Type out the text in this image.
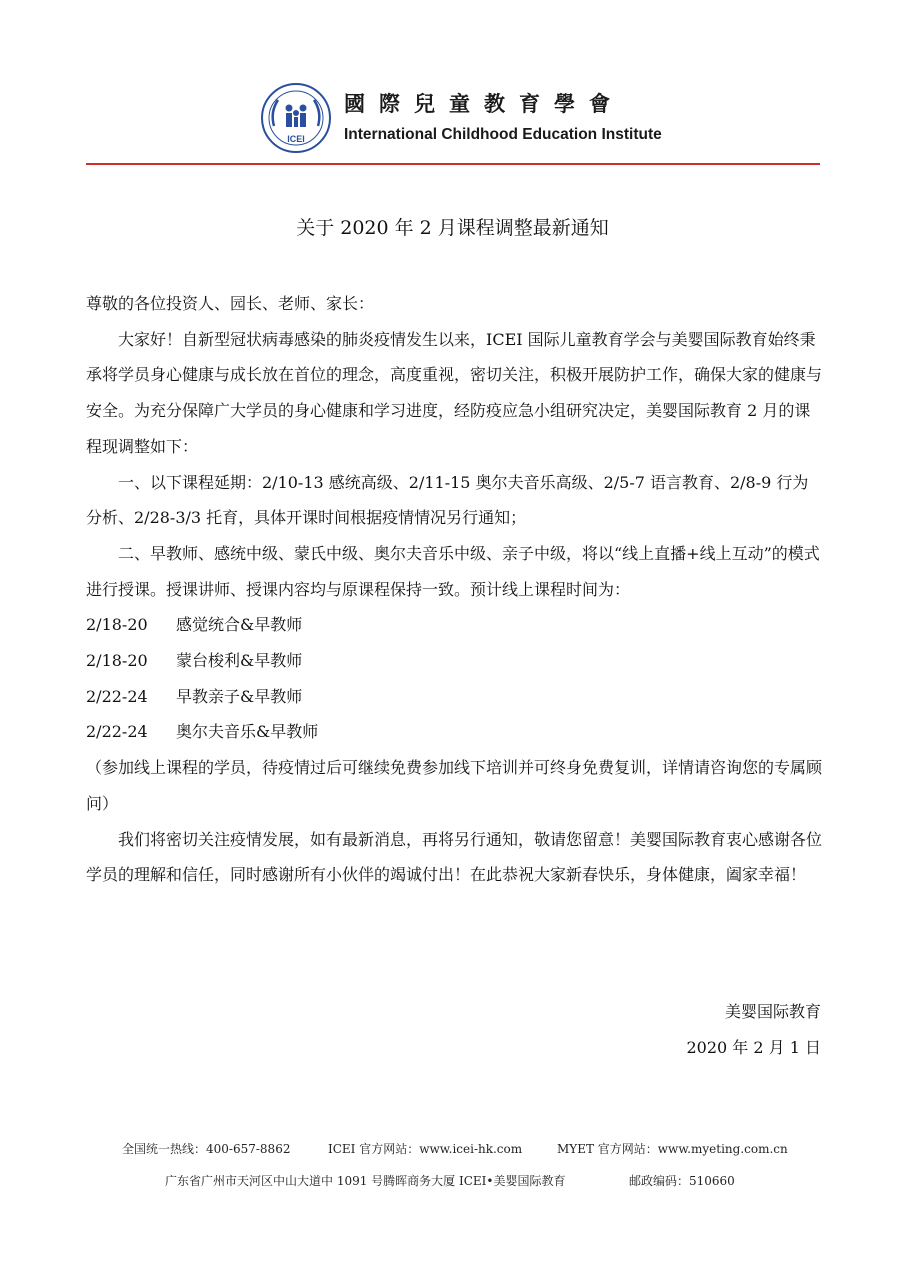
ICEI
國際兒童教育學會
International Childhood Education Institute
关于 2020 年 2 月课程调整最新通知

尊敬的各位投资人、园长、老师、家长：

大家好！自新型冠状病毒感染的肺炎疫情发生以来，ICEI 国际儿童教育学会与美婴国际教育始终秉承将学员身心健康与成长放在首位的理念，高度重视，密切关注，积极开展防护工作，确保大家的健康与安全。为充分保障广大学员的身心健康和学习进度，经防疫应急小组研究决定，美婴国际教育 2 月的课程现调整如下：

一、以下课程延期：2/10-13 感统高级、2/11-15 奥尔夫音乐高级、2/5-7 语言教育、2/8-9 行为分析、2/28-3/3 托育，具体开课时间根据疫情情况另行通知；

二、早教师、感统中级、蒙氏中级、奥尔夫音乐中级、亲子中级，将以“线上直播+线上互动”的模式进行授课。授课讲师、授课内容均与原课程保持一致。预计线上课程时间为：

2/18-20	感觉统合&早教师
2/18-20	蒙台梭利&早教师
2/22-24	早教亲子&早教师
2/22-24	奥尔夫音乐&早教师

（参加线上课程的学员，待疫情过后可继续免费参加线下培训并可终身免费复训，详情请咨询您的专属顾问）

我们将密切关注疫情发展，如有最新消息，再将另行通知，敬请您留意！美婴国际教育衷心感谢各位学员的理解和信任，同时感谢所有小伙伴的竭诚付出！在此恭祝大家新春快乐，身体健康，阖家幸福！

美婴国际教育
2020 年 2 月 1 日
全国统一热线：400-657-8862	ICEI 官方网站：www.icei-hk.com	MYET 官方网站：www.myeting.com.cn
广东省广州市天河区中山大道中 1091 号腾晖商务大厦 ICEI•美婴国际教育	邮政编码：510660
